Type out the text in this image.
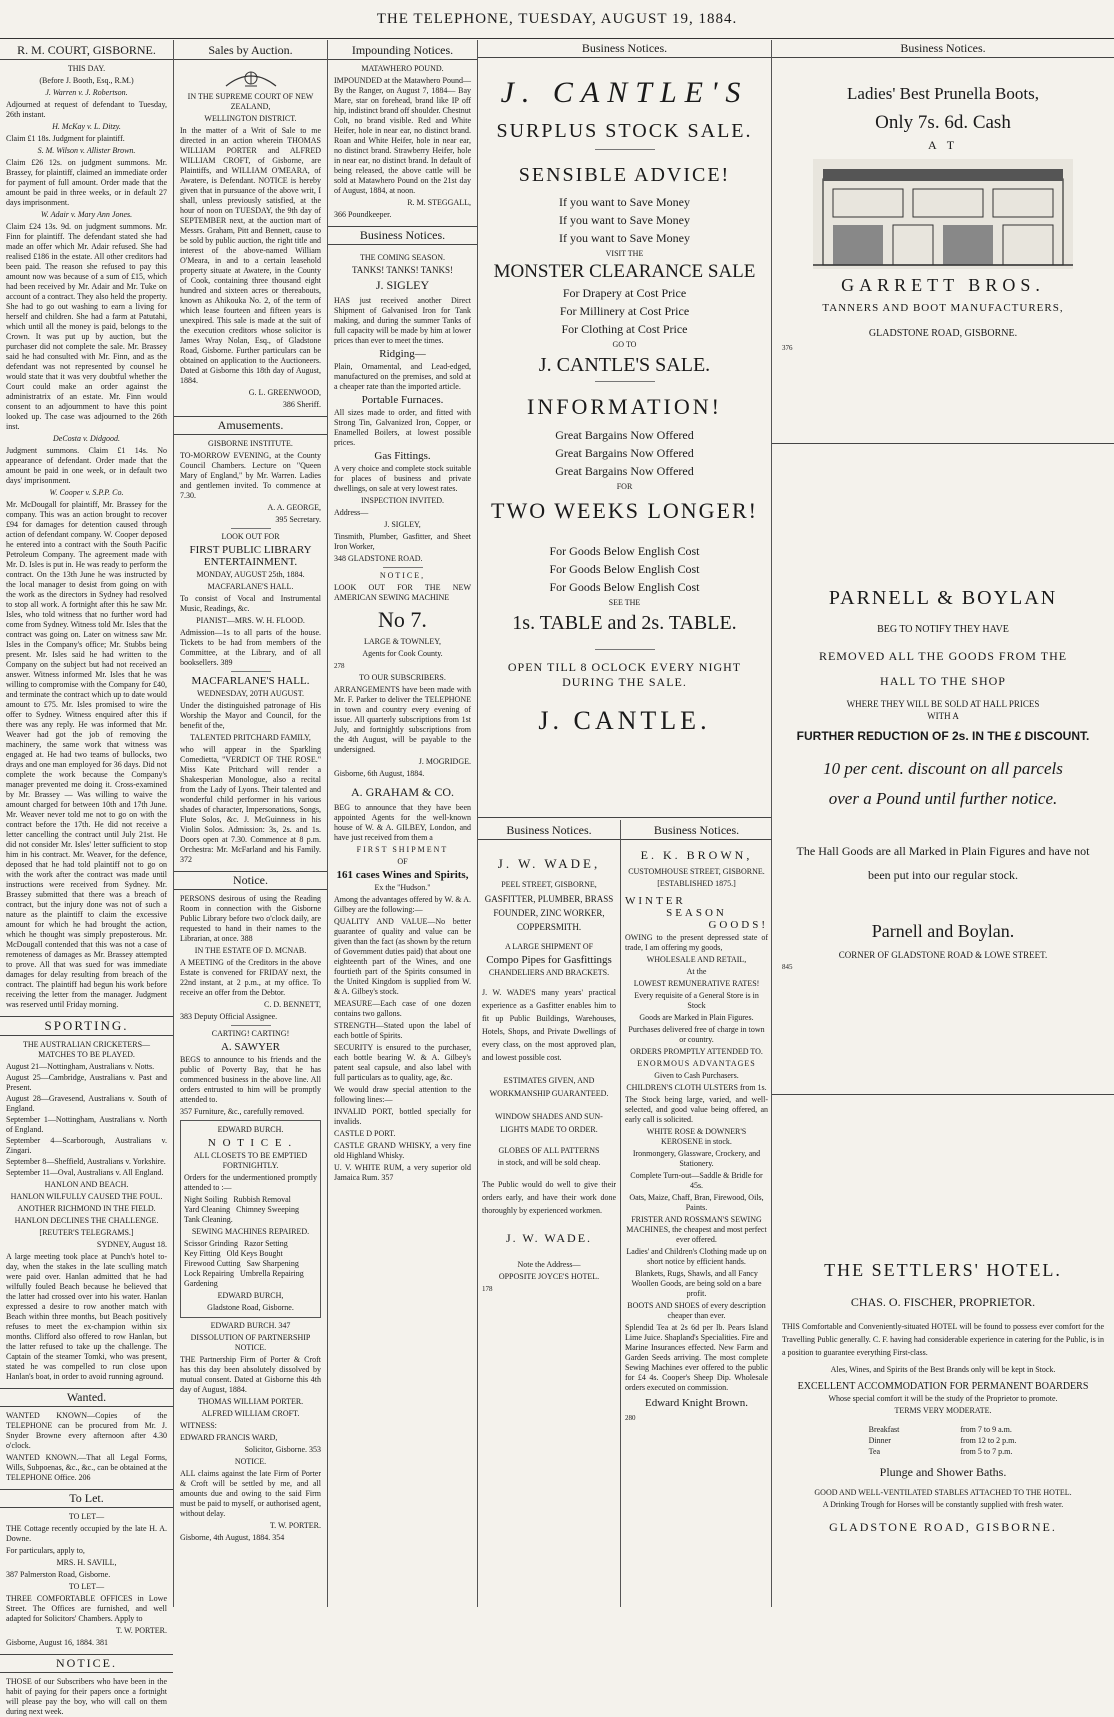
THE TELEPHONE, TUESDAY, AUGUST 19, 1884.
R. M. COURT, GISBORNE.

THIS DAY.

(Before J. Booth, Esq., R.M.)

J. Warren v. J. Robertson.

Adjourned at request of defendant to Tuesday, 26th instant.

H. McKay v. L. Ditzy.

Claim £1 18s. Judgment for plaintiff.

S. M. Wilson v. Allister Brown.

Claim £26 12s. on judgment summons. Mr. Brassey, for plaintiff, claimed an immediate order for payment of full amount. Order made that the amount be paid in three weeks, or in default 27 days imprisonment.

W. Adair v. Mary Ann Jones.

Claim £24 13s. 9d. on judgment summons. Mr. Finn for plaintiff. The defendant stated she had made an offer which Mr. Adair refused. She had realised £186 in the estate. All other creditors had been paid. The reason she refused to pay this amount now was because of a sum of £15, which had been received by Mr. Adair and Mr. Tuke on account of a contract. They also held the property. She had to go out washing to earn a living for herself and children. She had a farm at Patutahi, which until all the money is paid, belongs to the Crown. It was put up by auction, but the purchaser did not complete the sale. Mr. Brassey said he had consulted with Mr. Finn, and as the defendant was not represented by counsel he would state that it was very doubtful whether the Court could make an order against the administratrix of an estate. Mr. Finn would consent to an adjournment to have this point looked up. The case was adjourned to the 26th inst.

DeCosta v. Didgood.

Judgment summons. Claim £1 14s. No appearance of defendant. Order made that the amount be paid in one week, or in default two days' imprisonment.

W. Cooper v. S.P.P. Co.

Mr. McDougall for plaintiff, Mr. Brassey for the company. This was an action brought to recover £94 for damages for detention caused through action of defendant company. W. Cooper deposed he entered into a contract with the South Pacific Petroleum Company. The agreement made with Mr. D. Isles is put in. He was ready to perform the contract. On the 13th June he was instructed by the local manager to desist from going on with the work as the directors in Sydney had resolved to stop all work. A fortnight after this he saw Mr. Isles, who told witness that no further word had come from Sydney. Witness told Mr. Isles that the contract was going on. Later on witness saw Mr. Isles in the Company's office; Mr. Stubbs being present. Mr. Isles said he had written to the Company on the subject but had not received an answer. Witness informed Mr. Isles that he was willing to compromise with the Company for £40, and terminate the contract which up to date would amount to £75. Mr. Isles promised to wire the offer to Sydney. Witness enquired after this if there was any reply. He was informed that Mr. Weaver had got the job of removing the machinery, the same work that witness was engaged at. He had two teams of bullocks, two drays and one man employed for 36 days. Did not complete the work because the Company's manager prevented me doing it. Cross-examined by Mr. Brassey — Was willing to waive the amount charged for between 10th and 17th June. Mr. Weaver never told me not to go on with the contract before the 17th. He did not receive a letter cancelling the contract until July 21st. He did not consider Mr. Isles' letter sufficient to stop him in his contract. Mr. Weaver, for the defence, deposed that he had told plaintiff not to go on with the work after the contract was made until instructions were received from Sydney. Mr. Brassey submitted that there was a breach of contract, but the injury done was not of such a nature as the plaintiff to claim the excessive amount for which he had brought the action, which he thought was simply preposterous. Mr. McDougall contended that this was not a case of remoteness of damages as Mr. Brassey attempted to prove. All that was sued for was immediate damages for delay resulting from breach of the contract. The plaintiff had begun his work before receiving the letter from the manager. Judgment was reserved until Friday morning.

SPORTING.

THE AUSTRALIAN CRICKETERS— MATCHES TO BE PLAYED.

August 21—Nottingham, Australians v. Notts.

August 25—Cambridge, Australians v. Past and Present.

August 28—Gravesend, Australians v. South of England.

September 1—Nottingham, Australians v. North of England.

September 4—Scarborough, Australians v. Zingari.

September 8—Sheffield, Australians v. Yorkshire.

September 11—Oval, Australians v. All England.

HANLON AND BEACH.

HANLON WILFULLY CAUSED THE FOUL.

ANOTHER RICHMOND IN THE FIELD.

HANLON DECLINES THE CHALLENGE.

[REUTER'S TELEGRAMS.]

SYDNEY, August 18.

A large meeting took place at Punch's hotel to-day, when the stakes in the late sculling match were paid over. Hanlan admitted that he had wilfully fouled Beach because he believed that the latter had crossed over into his water. Hanlan expressed a desire to row another match with Beach within three months, but Beach positively refuses to meet the ex-champion within six months. Clifford also offered to row Hanlan, but the latter refused to take up the challenge. The Captain of the steamer Tomki, who was present, stated he was compelled to run close upon Hanlan's boat, in order to avoid running aground.

Wanted.

WANTED KNOWN—Copies of the TELEPHONE can be procured from Mr. J. Snyder Browne every afternoon after 4.30 o'clock.

WANTED KNOWN.—That all Legal Forms, Wills, Subpoenas, &c., &c., can be obtained at the TELEPHONE Office. 206

To Let.

TO LET—

THE Cottage recently occupied by the late H. A. Downe.

For particulars, apply to,

MRS. H. SAVILL,

387 Palmerston Road, Gisborne.

TO LET—

THREE COMFORTABLE OFFICES in Lowe Street. The Offices are furnished, and well adapted for Solicitors' Chambers. Apply to

T. W. PORTER.

Gisborne, August 16, 1884. 381

NOTICE.

THOSE of our Subscribers who have been in the habit of paying for their papers once a fortnight will please pay the boy, who will call on them during next week.

Sales by Auction.

IN THE SUPREME COURT OF NEW ZEALAND,

WELLINGTON DISTRICT.

In the matter of a Writ of Sale to me directed in an action wherein THOMAS WILLIAM PORTER and ALFRED WILLIAM CROFT, of Gisborne, are Plaintiffs, and WILLIAM O'MEARA, of Awatere, is Defendant. NOTICE is hereby given that in pursuance of the above writ, I shall, unless previously satisfied, at the hour of noon on TUESDAY, the 9th day of SEPTEMBER next, at the auction mart of Messrs. Graham, Pitt and Bennett, cause to be sold by public auction, the right title and interest of the above-named William O'Meara, in and to a certain leasehold property situate at Awatere, in the County of Cook, containing three thousand eight hundred and sixteen acres or thereabouts, known as Ahikouka No. 2, of the term of which lease fourteen and fifteen years is unexpired. This sale is made at the suit of the execution creditors whose solicitor is James Wray Nolan, Esq., of Gladstone Road, Gisborne. Further particulars can be obtained on application to the Auctioneers. Dated at Gisborne this 18th day of August, 1884.

G. L. GREENWOOD,

386 Sheriff.

Amusements.

GISBORNE INSTITUTE.

TO-MORROW EVENING, at the County Council Chambers. Lecture on "Queen Mary of England," by Mr. Warren. Ladies and gentlemen invited. To commence at 7.30.

A. A. GEORGE,

395 Secretary.

LOOK OUT FOR

FIRST PUBLIC LIBRARY ENTERTAINMENT.

MONDAY, AUGUST 25th, 1884.

MACFARLANE'S HALL.

To consist of Vocal and Instrumental Music, Readings, &c.

PIANIST—MRS. W. H. FLOOD.

Admission—1s to all parts of the house. Tickets to be had from members of the Committee, at the Library, and of all booksellers. 389

MACFARLANE'S HALL.

WEDNESDAY, 20TH AUGUST.

Under the distinguished patronage of His Worship the Mayor and Council, for the benefit of the,

TALENTED PRITCHARD FAMILY,

who will appear in the Sparkling Comedietta, "VERDICT OF THE ROSE." Miss Kate Pritchard will render a Shakesperian Monologue, also a recital from the Lady of Lyons. Their talented and wonderful child performer in his various shades of character, Impersonations, Songs, Flute Solos, &c. J. McGuinness in his Violin Solos. Admission: 3s, 2s. and 1s. Doors open at 7.30. Commence at 8 p.m. Orchestra: Mr. McFarland and his Family. 372

Notice.

PERSONS desirous of using the Reading Room in connection with the Gisborne Public Library before two o'clock daily, are requested to hand in their names to the Librarian, at once. 388

IN THE ESTATE OF D. MCNAB.

A MEETING of the Creditors in the above Estate is convened for FRIDAY next, the 22nd instant, at 2 p.m., at my office. To receive an offer from the Debtor.

C. D. BENNETT,

383 Deputy Official Assignee.

CARTING! CARTING!

A. SAWYER

BEGS to announce to his friends and the public of Poverty Bay, that he has commenced business in the above line. All orders entrusted to him will be promptly attended to.

357 Furniture, &c., carefully removed.

EDWARD BURCH.

N O T I C E .

ALL CLOSETS TO BE EMPTIED FORTNIGHTLY.

Orders for the undermentioned promptly attended to :—

Night Soiling Rubbish Removal
Yard Cleaning Chimney Sweeping
Tank Cleaning.

SEWING MACHINES REPAIRED.

Scissor Grinding Razor Setting
Key Fitting Old Keys Bought
Firewood Cutting Saw Sharpening
Lock Repairing Umbrella Repairing
Gardening

EDWARD BURCH,

Gladstone Road, Gisborne.

EDWARD BURCH. 347

DISSOLUTION OF PARTNERSHIP NOTICE.

THE Partnership Firm of Porter & Croft has this day been absolutely dissolved by mutual consent. Dated at Gisborne this 4th day of August, 1884.

THOMAS WILLIAM PORTER.

ALFRED WILLIAM CROFT.

WITNESS:

EDWARD FRANCIS WARD,

Solicitor, Gisborne. 353

NOTICE.

ALL claims against the late Firm of Porter & Croft will be settled by me, and all amounts due and owing to the said Firm must be paid to myself, or authorised agent, without delay.

T. W. PORTER.

Gisborne, 4th August, 1884. 354

Impounding Notices.

MATAWHERO POUND.

IMPOUNDED at the Matawhero Pound—By the Ranger, on August 7, 1884— Bay Mare, star on forehead, brand like IP off hip, indistinct brand off shoulder. Chestnut Colt, no brand visible. Red and White Heifer, hole in near ear, no distinct brand. Roan and White Heifer, hole in near ear, no distinct brand. Strawberry Heifer, hole in near ear, no distinct brand. In default of being released, the above cattle will be sold at Matawhero Pound on the 21st day of August, 1884, at noon.

R. M. STEGGALL,

366 Poundkeeper.

Business Notices.

THE COMING SEASON.

TANKS! TANKS! TANKS!

J. SIGLEY

HAS just received another Direct Shipment of Galvanised Iron for Tank making, and during the summer Tanks of full capacity will be made by him at lower prices than ever to meet the times.

Ridging—

Plain, Ornamental, and Lead-edged, manufactured on the premises, and sold at a cheaper rate than the imported article.

Portable Furnaces.

All sizes made to order, and fitted with Strong Tin, Galvanized Iron, Copper, or Enamelled Boilers, at lowest possible prices.

Gas Fittings.

A very choice and complete stock suitable for places of business and private dwellings, on sale at very lowest rates.

INSPECTION INVITED.

Address—

J. SIGLEY,

Tinsmith, Plumber, Gasfitter, and Sheet Iron Worker,

348 GLADSTONE ROAD.

NOTICE,

LOOK OUT FOR THE NEW AMERICAN SEWING MACHINE

No 7.

LARGE & TOWNLEY,

Agents for Cook County.

278

TO OUR SUBSCRIBERS.

ARRANGEMENTS have been made with Mr. F. Parker to deliver the TELEPHONE in town and country every evening of issue. All quarterly subscriptions from 1st July, and fortnightly subscriptions from the 4th August, will be payable to the undersigned.

J. MOGRIDGE.

Gisborne, 6th August, 1884.

A. GRAHAM & CO.

BEG to announce that they have been appointed Agents for the well-known house of W. & A. GILBEY, London, and have just received from them a

FIRST SHIPMENT

OF

161 cases Wines and Spirits,

Ex the "Hudson."

Among the advantages offered by W. & A. Gilbey are the following:—

QUALITY AND VALUE—No better guarantee of quality and value can be given than the fact (as shown by the return of Government duties paid) that about one eighteenth part of the Wines, and one fourtieth part of the Spirits consumed in the United Kingdom is supplied from W. & A. Gilbey's stock.

MEASURE—Each case of one dozen contains two gallons.

STRENGTH—Stated upon the label of each bottle of Spirits.

SECURITY is ensured to the purchaser, each bottle bearing W. & A. Gilbey's patent seal capsule, and also label with full particulars as to quality, age, &c.

We would draw special attention to the following lines:—

INVALID PORT, bottled specially for invalids.

CASTLE D PORT.

CASTLE GRAND WHISKY, a very fine old Highland Whisky.

U. V. WHITE RUM, a very superior old Jamaica Rum. 357

Business Notices.

J. CANTLE'S

SURPLUS STOCK SALE.

SENSIBLE ADVICE!

If you want to Save Money

If you want to Save Money

If you want to Save Money

VISIT THE

MONSTER CLEARANCE SALE

For Drapery at Cost Price

For Millinery at Cost Price

For Clothing at Cost Price

GO TO

J. CANTLE'S SALE.

INFORMATION!

Great Bargains Now Offered

Great Bargains Now Offered

Great Bargains Now Offered

FOR

TWO WEEKS LONGER!

For Goods Below English Cost

For Goods Below English Cost

For Goods Below English Cost

SEE THE

1s. TABLE and 2s. TABLE.

OPEN TILL 8 OCLOCK EVERY NIGHT DURING THE SALE.

J. CANTLE.

Business Notices.

J. W. WADE,

PEEL STREET, GISBORNE,

GASFITTER, PLUMBER, BRASS FOUNDER, ZINC WORKER, COPPERSMITH.

A LARGE SHIPMENT OF

Compo Pipes for Gasfittings

CHANDELIERS AND BRACKETS.

J. W. WADE'S many years' practical experience as a Gasfitter enables him to fit up Public Buildings, Warehouses, Hotels, Shops, and Private Dwellings of every class, on the most approved plan, and lowest possible cost.

ESTIMATES GIVEN, AND WORKMANSHIP GUARANTEED.

WINDOW SHADES AND SUN-LIGHTS MADE TO ORDER.

GLOBES OF ALL PATTERNS

in stock, and will be sold cheap.

The Public would do well to give their orders early, and have their work done thoroughly by experienced workmen.

J. W. WADE.

Note the Address—

OPPOSITE JOYCE'S HOTEL.

178

Business Notices.

E. K. BROWN,

CUSTOMHOUSE STREET, GISBORNE.

[ESTABLISHED 1875.]

WINTER

SEASON

GOODS!

OWING to the present depressed state of trade, I am offering my goods,

WHOLESALE AND RETAIL,

At the

LOWEST REMUNERATIVE RATES!

Every requisite of a General Store is in Stock

Goods are Marked in Plain Figures.

Purchases delivered free of charge in town or country.

ORDERS PROMPTLY ATTENDED TO.

ENORMOUS ADVANTAGES

Given to Cash Purchasers.

CHILDREN'S CLOTH ULSTERS from 1s.

The Stock being large, varied, and well-selected, and good value being offered, an early call is solicited.

WHITE ROSE & DOWNER'S KEROSENE in stock.

Ironmongery, Glassware, Crockery, and Stationery.

Complete Turn-out—Saddle & Bridle for 45s.

Oats, Maize, Chaff, Bran, Firewood, Oils, Paints.

FRISTER AND ROSSMAN'S SEWING MACHINES, the cheapest and most perfect ever offered.

Ladies' and Children's Clothing made up on short notice by efficient hands.

Blankets, Rugs, Shawls, and all Fancy Woollen Goods, are being sold on a bare profit.

BOOTS AND SHOES of every description cheaper than ever.

Splendid Tea at 2s 6d per lb. Pears Island Lime Juice. Shapland's Specialities. Fire and Marine Insurances effected. New Farm and Garden Seeds arriving. The most complete Sewing Machines ever offered to the public for £4 4s. Cooper's Sheep Dip. Wholesale orders executed on commission.

Edward Knight Brown.

280

Business Notices.

Ladies' Best Prunella Boots,

Only 7s. 6d. Cash

A T

GARRETT BROS.

TANNERS AND BOOT MANUFACTURERS,

GLADSTONE ROAD, GISBORNE.

376

PARNELL & BOYLAN

BEG TO NOTIFY THEY HAVE

REMOVED ALL THE GOODS FROM THE

HALL TO THE SHOP

WHERE THEY WILL BE SOLD AT HALL PRICES

WITH A

FURTHER REDUCTION OF 2s. IN THE £ DISCOUNT.

10 per cent. discount on all parcels

over a Pound until further notice.

The Hall Goods are all Marked in Plain Figures and have not been put into our regular stock.

Parnell and Boylan.

CORNER OF GLADSTONE ROAD & LOWE STREET.

845

THE SETTLERS' HOTEL.

CHAS. O. FISCHER, PROPRIETOR.

THIS Comfortable and Conveniently-situated HOTEL will be found to possess ever comfort for the Travelling Public generally. C. F. having had considerable experience in catering for the Public, is in a position to guarantee everything First-class.

Ales, Wines, and Spirits of the Best Brands only will be kept in Stock.

EXCELLENT ACCOMMODATION FOR PERMANENT BOARDERS

Whose special comfort it will be the study of the Proprietor to promote.

TERMS VERY MODERATE.

Breakfast	from 7 to 9 a.m.
Dinner	from 12 to 2 p.m.
Tea	from 5 to 7 p.m.

Plunge and Shower Baths.

GOOD AND WELL-VENTILATED STABLES ATTACHED TO THE HOTEL.

A Drinking Trough for Horses will be constantly supplied with fresh water.

GLADSTONE ROAD, GISBORNE.
